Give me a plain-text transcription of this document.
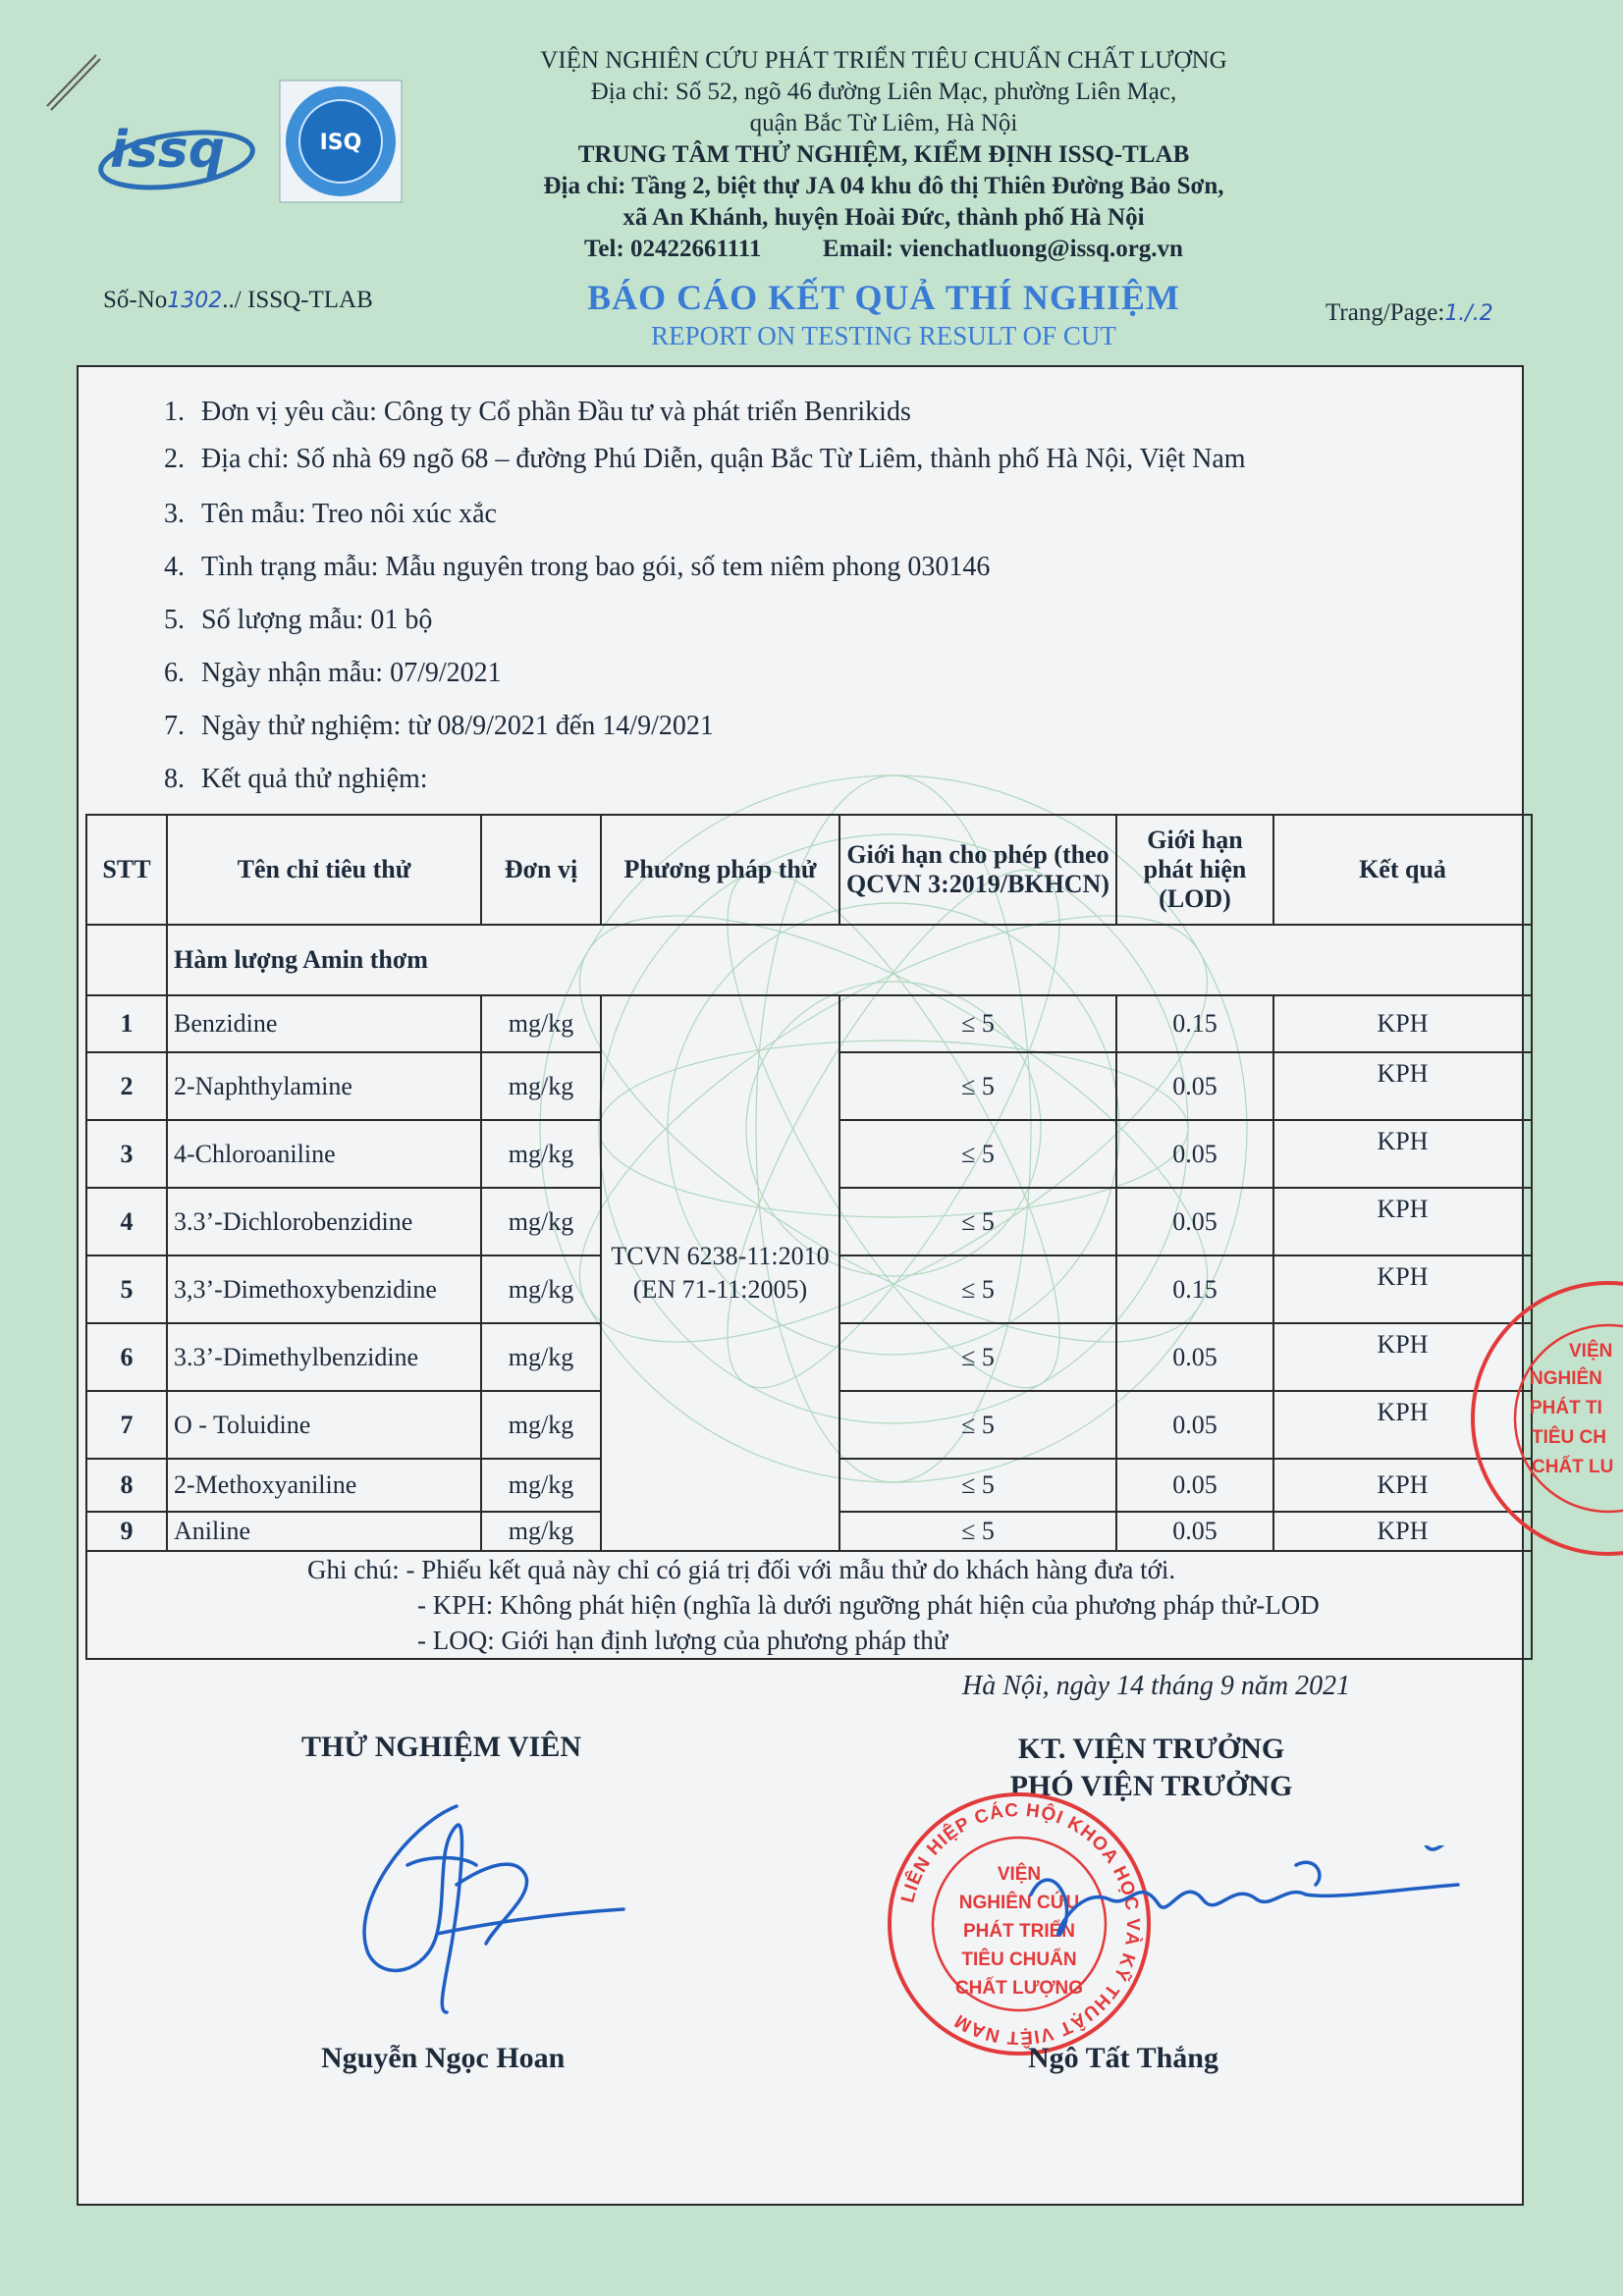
issq	ISQ
VIỆN NGHIÊN CỨU PHÁT TRIỂN TIÊU CHUẨN CHẤT LƯỢNG
Địa chỉ: Số 52, ngõ 46 đường Liên Mạc, phường Liên Mạc,
quận Bắc Từ Liêm, Hà Nội
TRUNG TÂM THỬ NGHIỆM, KIỂM ĐỊNH ISSQ-TLAB
Địa chỉ: Tầng 2, biệt thự JA 04 khu đô thị Thiên Đường Bảo Sơn,
xã An Khánh, huyện Hoài Đức, thành phố Hà Nội
Tel: 02422661111          Email: vienchatluong@issq.org.vn
Số-No1302../ ISSQ-TLAB	BÁO CÁO KẾT QUẢ THÍ NGHIỆM
REPORT ON TESTING RESULT OF CUT
Trang/Page:1./.2
1. Đơn vị yêu cầu: Công ty Cổ phần Đầu tư và phát triển Benrikids
2. Địa chỉ: Số nhà 69 ngõ 68 – đường Phú Diễn, quận Bắc Từ Liêm, thành phố Hà Nội, Việt Nam
3. Tên mẫu: Treo nôi xúc xắc
4. Tình trạng mẫu: Mẫu nguyên trong bao gói, số tem niêm phong 030146
5. Số lượng mẫu: 01 bộ
6. Ngày nhận mẫu: 07/9/2021
7. Ngày thử nghiệm: từ 08/9/2021 đến 14/9/2021
8. Kết quả thử nghiệm:
STT	Tên chỉ tiêu thử	Đơn vị	Phương pháp thử	Giới hạn cho phép (theo QCVN 3:2019/BKHCN)	Giới hạn phát hiện (LOD)	Kết quả
	Hàm lượng Amin thơm					
1	Benzidine	mg/kg	TCVN 6238-11:2010 (EN 71-11:2005)	≤ 5	0.15	KPH
2	2-Naphthylamine	mg/kg		≤ 5	0.05	KPH
3	4-Chloroaniline	mg/kg		≤ 5	0.05	KPH
4	3.3’-Dichlorobenzidine	mg/kg		≤ 5	0.05	KPH
5	3,3’-Dimethoxybenzidine	mg/kg		≤ 5	0.15	KPH
6	3.3’-Dimethylbenzidine	mg/kg		≤ 5	0.05	KPH
7	O - Toluidine	mg/kg		≤ 5	0.05	KPH
8	2-Methoxyaniline	mg/kg		≤ 5	0.05	KPH
9	Aniline	mg/kg		≤ 5	0.05	KPH

Ghi chú: - Phiếu kết quả này chỉ có giá trị đối với mẫu thử do khách hàng đưa tới.
- KPH: Không phát hiện (nghĩa là dưới ngưỡng phát hiện của phương pháp thử-LOD
- LOQ: Giới hạn định lượng của phương pháp thử						
Hà Nội, ngày 14 tháng 9 năm 2021
THỬ NGHIỆM VIÊN	KT. VIỆN TRƯỞNG
PHÓ VIỆN TRƯỞNG
LIÊN HIỆP CÁC HỘI KHOA HỌC VÀ KỸ THUẬT VIỆT NAM
VIỆN
NGHIÊN CỨU
PHÁT TRIỂN
TIÊU CHUẨN
CHẤT LƯỢNG
VIỆN
NGHIÊN
PHÁT TI
TIÊU CH
CHẤT LU
Nguyễn Ngọc Hoan	Ngô Tất Thắng
